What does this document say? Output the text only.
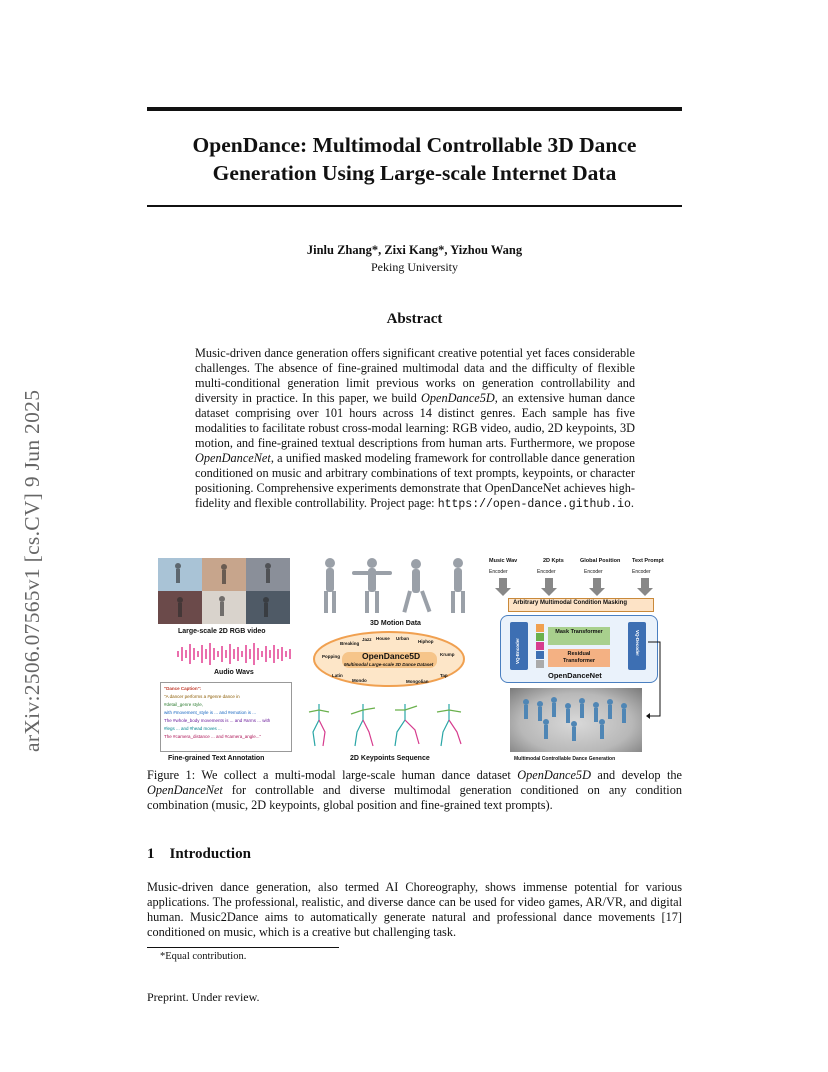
arXiv:2506.07565v1 [cs.CV] 9 Jun 2025
OpenDance: Multimodal Controllable 3D Dance
Generation Using Large-scale Internet Data
Jinlu Zhang*, Zixi Kang*, Yizhou Wang
Peking University
Abstract
Music-driven dance generation offers significant creative potential yet faces considerable challenges. The absence of fine-grained multimodal data and the difficulty of flexible multi-conditional generation limit previous works on generation controllability and diversity in practice. In this paper, we build OpenDance5D, an extensive human dance dataset comprising over 101 hours across 14 distinct genres. Each sample has five modalities to facilitate robust cross-modal learning: RGB video, audio, 2D keypoints, 3D motion, and fine-grained textual descriptions from human arts. Furthermore, we propose OpenDanceNet, a unified masked modeling framework for controllable dance generation conditioned on music and arbitrary combinations of text prompts, keypoints, or character positioning. Comprehensive experiments demonstrate that OpenDanceNet achieves high-fidelity and flexible controllability. Project page: https://open-dance.github.io.
Large-scale 2D RGB video
3D Motion Data
OpenDance5D
Multimodal Large-scale 3D Dance Dataset
Breaking
Jazz House Urban
Hiphop
Popping	Krump
Latin
Mondo	Mongolian
Tap
Audio Wavs

"Dance Caption":

"A dancer performs a #genre dance in

#detail_genre style,

with #movement_style is ... and #emotion is ...

The #whole_body movements is ... and #arms ... with

#legs ... and #head moves ...

The #camera_distance ... and #camera_angle..."

Fine-grained Text Annotation	2D Keypoints Sequence
Music Wav	2D Kpts	Global Position Text Prompt
Encoder	Encoder	Encoder	Encoder
Arbitrary Multimodal Condition Masking
VQ-Encoder	VQ-Decoder
Mask Transformer
Residual Transformer
OpenDanceNet
Multimodal Controllable Dance Generation
Figure 1: We collect a multi-modal large-scale human dance dataset OpenDance5D and develop the OpenDanceNet for controllable and diverse multimodal generation conditioned on any condition combination (music, 2D keypoints, global position and fine-grained text prompts).
1 Introduction
Music-driven dance generation, also termed AI Choreography, shows immense potential for various applications. The professional, realistic, and diverse dance can be used for video games, AR/VR, and digital human. Music2Dance aims to automatically generate natural and professional dance movements [17] conditioned on music, which is a creative but challenging task.
*Equal contribution.
Preprint. Under review.
